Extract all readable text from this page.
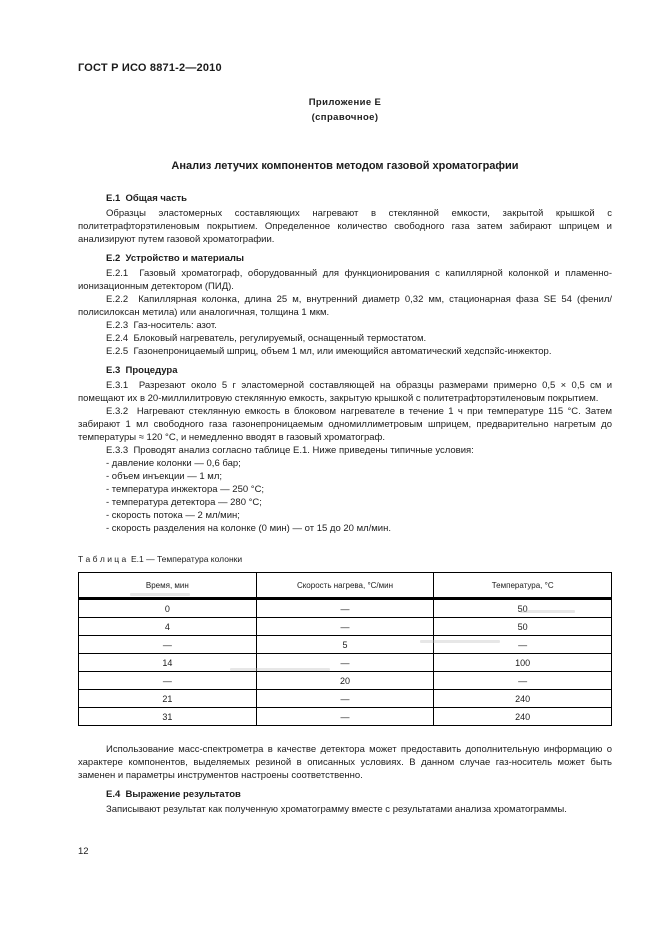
ГОСТ Р ИСО 8871-2—2010
Приложение Е
(справочное)
Анализ летучих компонентов методом газовой хроматографии
Е.1  Общая часть

Образцы эластомерных составляющих нагревают в стеклянной емкости, закрытой крышкой с политетрафторэтиленовым покрытием. Определенное количество свободного газа затем забирают шприцем и анализируют путем газовой хроматографии.

Е.2  Устройство и материалы

Е.2.1  Газовый хроматограф, оборудованный для функционирования с капиллярной колонкой и пламенно-ионизационным детектором (ПИД).

Е.2.2  Капиллярная колонка, длина 25 м, внутренний диаметр 0,32 мм, стационарная фаза SE 54 (фенил/полисилоксан метила) или аналогичная, толщина 1 мкм.

Е.2.3  Газ-носитель: азот.

Е.2.4  Блоковый нагреватель, регулируемый, оснащенный термостатом.

Е.2.5  Газонепроницаемый шприц, объем 1 мл, или имеющийся автоматический хедспэйс-инжектор.

Е.3  Процедура

Е.3.1  Разрезают около 5 г эластомерной составляющей на образцы размерами примерно 0,5 × 0,5 см и помещают их в 20-миллилитровую стеклянную емкость, закрытую крышкой с политетрафторэтиленовым покрытием.

Е.3.2  Нагревают стеклянную емкость в блоковом нагревателе в течение 1 ч при температуре 115 °С. Затем забирают 1 мл свободного газа газонепроницаемым одномиллиметровым шприцем, предварительно нагретым до температуры ≈ 120 °С, и немедленно вводят в газовый хроматограф.

Е.3.3  Проводят анализ согласно таблице Е.1. Ниже приведены типичные условия:

- давление колонки — 0,6 бар;
- объем инъекции — 1 мл;
- температура инжектора — 250 °С;
- температура детектора — 280 °С;
- скорость потока — 2 мл/мин;
- скорость разделения на колонке (0 мин) — от 15 до 20 мл/мин.
Т а б л и ц а  Е.1 — Температура колонки
Время, мин	Скорость нагрева, °С/мин	Температура, °С
0	—	50
4	—	50
—	5	—
14	—	100
—	20	—
21	—	240
31	—	240

Использование масс-спектрометра в качестве детектора может предоставить дополнительную информацию о характере компонентов, выделяемых резиной в описанных условиях. В данном случае газ-носитель может быть заменен и параметры инструментов настроены соответственно.

Е.4  Выражение результатов

Записывают результат как полученную хроматограмму вместе с результатами анализа хроматограммы.

12
